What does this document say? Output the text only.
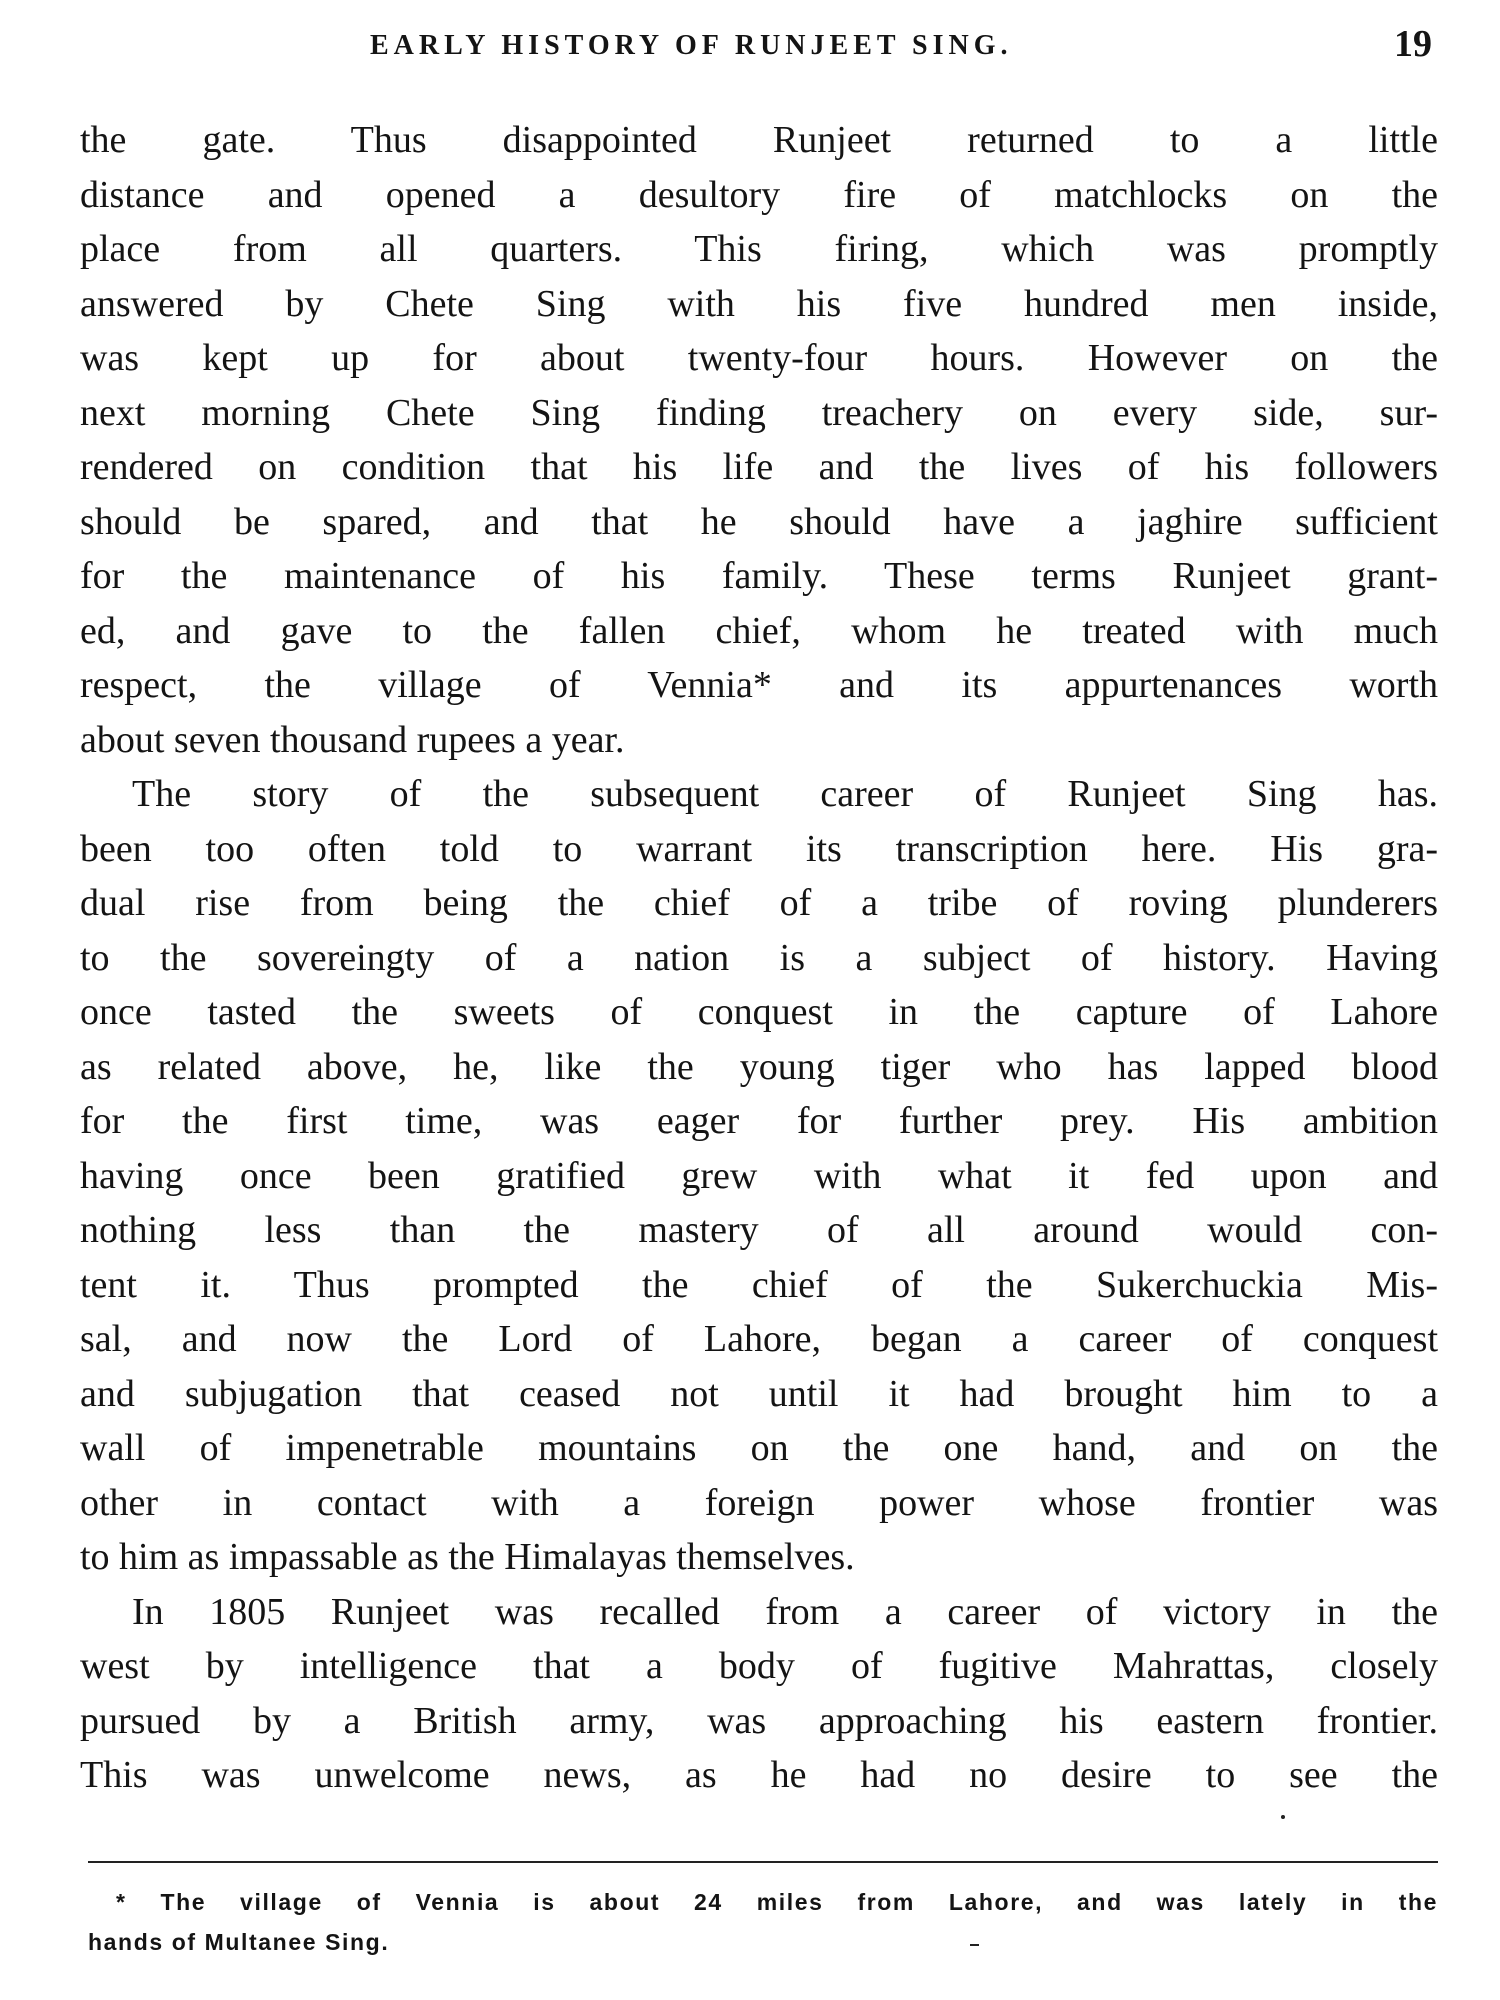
EARLY HISTORY OF RUNJEET SING.	19
the gate. Thus disappointed Runjeet returned to a little
distance and opened a desultory fire of matchlocks on the
place from all quarters. This firing, which was promptly
answered by Chete Sing with his five hundred men inside,
was kept up for about twenty-four hours. However on the
next morning Chete Sing finding treachery on every side, sur-
rendered on condition that his life and the lives of his followers
should be spared, and that he should have a jaghire sufficient
for the maintenance of his family. These terms Runjeet grant-
ed, and gave to the fallen chief, whom he treated with much
respect, the village of Vennia* and its appurtenances worth
about seven thousand rupees a year.
The story of the subsequent career of Runjeet Sing has.
been too often told to warrant its transcription here. His gra-
dual rise from being the chief of a tribe of roving plunderers
to the sovereingty of a nation is a subject of history. Having
once tasted the sweets of conquest in the capture of Lahore
as related above, he, like the young tiger who has lapped blood
for the first time, was eager for further prey. His ambition
having once been gratified grew with what it fed upon and
nothing less than the mastery of all around would con-
tent it. Thus prompted the chief of the Sukerchuckia Mis-
sal, and now the Lord of Lahore, began a career of conquest
and subjugation that ceased not until it had brought him to a
wall of impenetrable mountains on the one hand, and on the
other in contact with a foreign power whose frontier was
to him as impassable as the Himalayas themselves.
In 1805 Runjeet was recalled from a career of victory in the
west by intelligence that a body of fugitive Mahrattas, closely
pursued by a British army, was approaching his eastern frontier.
This was unwelcome news, as he had no desire to see the
* The village of Vennia is about 24 miles from Lahore, and was lately in the
hands of Multanee Sing.
